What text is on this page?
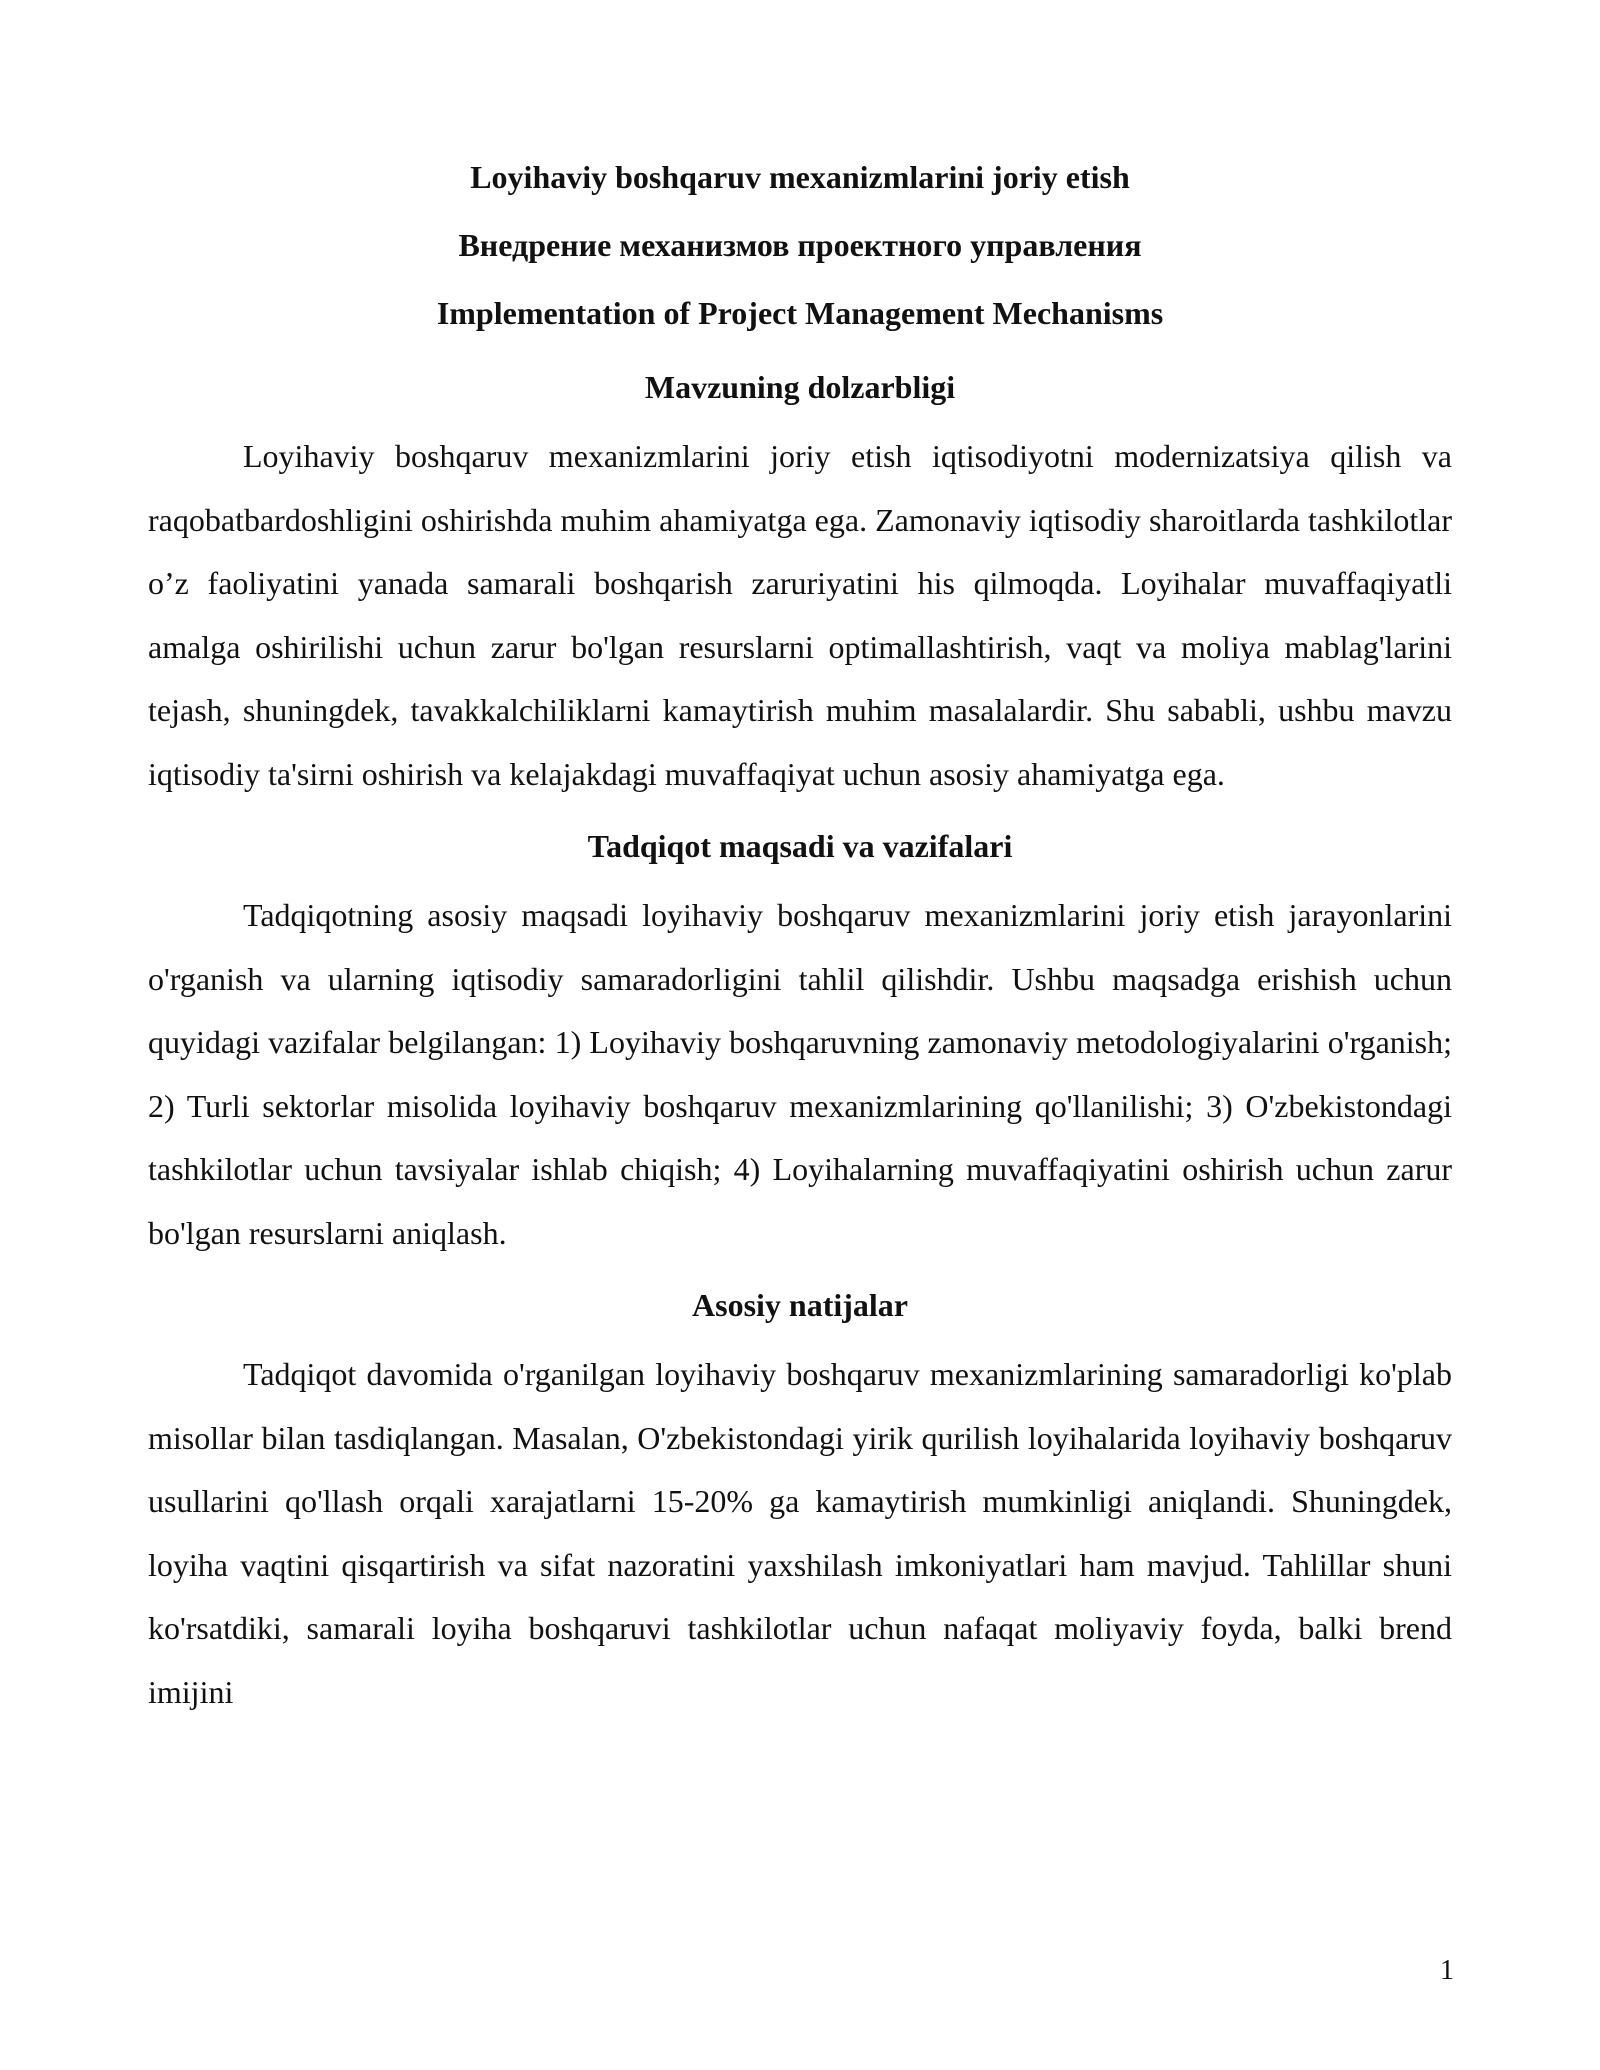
Loyihaviy boshqaruv mexanizmlarini joriy etish
Внедрение механизмов проектного управления
Implementation of Project Management Mechanisms
Mavzuning dolzarbligi

Loyihaviy boshqaruv mexanizmlarini joriy etish iqtisodiyotni modernizatsiya qilish va raqobatbardoshligini oshirishda muhim ahamiyatga ega. Zamonaviy iqtisodiy sharoitlarda tashkilotlar o’z faoliyatini yanada samarali boshqarish zaruriyatini his qilmoqda. Loyihalar muvaffaqiyatli amalga oshirilishi uchun zarur bo'lgan resurslarni optimallashtirish, vaqt va moliya mablag'larini tejash, shuningdek, tavakkalchiliklarni kamaytirish muhim masalalardir. Shu sababli, ushbu mavzu iqtisodiy ta'sirni oshirish va kelajakdagi muvaffaqiyat uchun asosiy ahamiyatga ega.

Tadqiqot maqsadi va vazifalari

Tadqiqotning asosiy maqsadi loyihaviy boshqaruv mexanizmlarini joriy etish jarayonlarini o'rganish va ularning iqtisodiy samaradorligini tahlil qilishdir. Ushbu maqsadga erishish uchun quyidagi vazifalar belgilangan: 1) Loyihaviy boshqaruvning zamonaviy metodologiyalarini o'rganish; 2) Turli sektorlar misolida loyihaviy boshqaruv mexanizmlarining qo'llanilishi; 3) O'zbekistondagi tashkilotlar uchun tavsiyalar ishlab chiqish; 4) Loyihalarning muvaffaqiyatini oshirish uchun zarur bo'lgan resurslarni aniqlash.

Asosiy natijalar

Tadqiqot davomida o'rganilgan loyihaviy boshqaruv mexanizmlarining samaradorligi ko'plab misollar bilan tasdiqlangan. Masalan, O'zbekistondagi yirik qurilish loyihalarida loyihaviy boshqaruv usullarini qo'llash orqali xarajatlarni 15-20% ga kamaytirish mumkinligi aniqlandi. Shuningdek, loyiha vaqtini qisqartirish va sifat nazoratini yaxshilash imkoniyatlari ham mavjud. Tahlillar shuni ko'rsatdiki, samarali loyiha boshqaruvi tashkilotlar uchun nafaqat moliyaviy foyda, balki brend imijini

1
